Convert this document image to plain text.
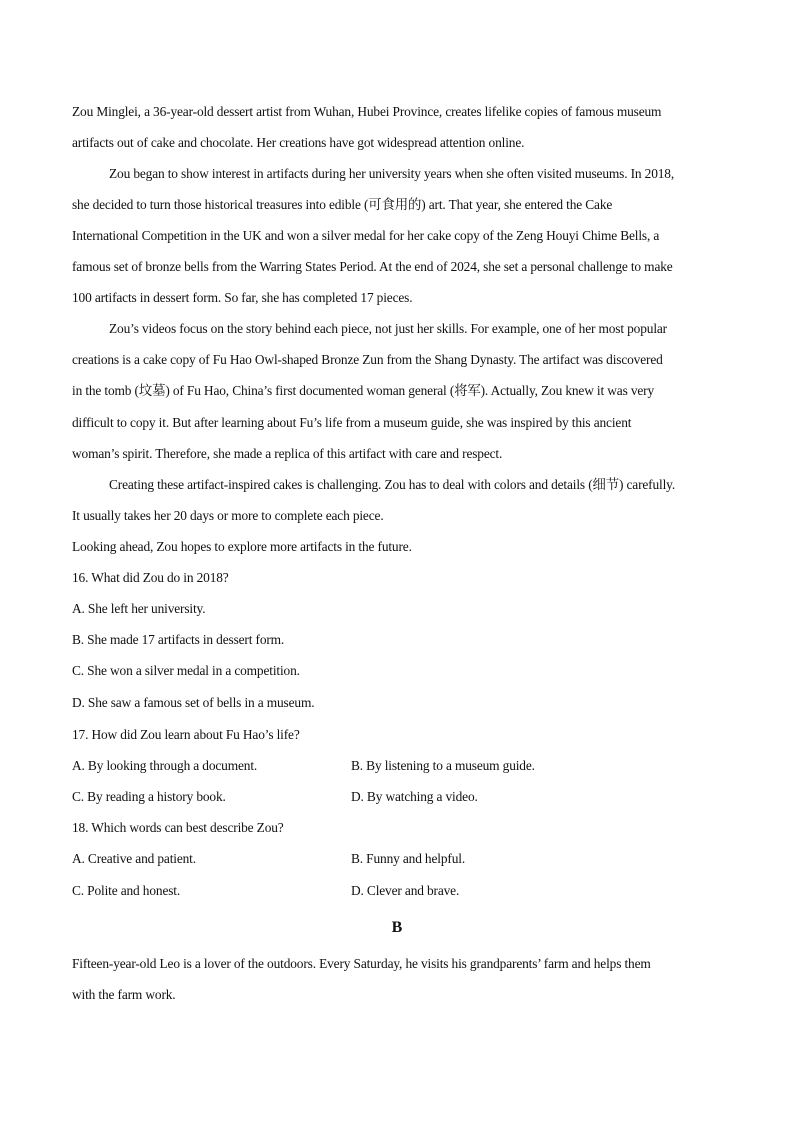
Zou Minglei, a 36-year-old dessert artist from Wuhan, Hubei Province, creates lifelike copies of famous museum
artifacts out of cake and chocolate. Her creations have got widespread attention online.
Zou began to show interest in artifacts during her university years when she often visited museums. In 2018,
she decided to turn those historical treasures into edible (可食用的) art. That year, she entered the Cake
International Competition in the UK and won a silver medal for her cake copy of the Zeng Houyi Chime Bells, a
famous set of bronze bells from the Warring States Period. At the end of 2024, she set a personal challenge to make
100 artifacts in dessert form. So far, she has completed 17 pieces.
Zou’s videos focus on the story behind each piece, not just her skills. For example, one of her most popular
creations is a cake copy of Fu Hao Owl-shaped Bronze Zun from the Shang Dynasty. The artifact was discovered
in the tomb (坟墓) of Fu Hao, China’s first documented woman general (将军). Actually, Zou knew it was very
difficult to copy it. But after learning about Fu’s life from a museum guide, she was inspired by this ancient
woman’s spirit. Therefore, she made a replica of this artifact with care and respect.
Creating these artifact-inspired cakes is challenging. Zou has to deal with colors and details (细节) carefully.
It usually takes her 20 days or more to complete each piece.
Looking ahead, Zou hopes to explore more artifacts in the future.
16. What did Zou do in 2018?
A. She left her university.
B. She made 17 artifacts in dessert form.
C. She won a silver medal in a competition.
D. She saw a famous set of bells in a museum.
17. How did Zou learn about Fu Hao’s life?
A. By looking through a document.	B. By listening to a museum guide.
C. By reading a history book.	D. By watching a video.
18. Which words can best describe Zou?
A. Creative and patient.	B. Funny and helpful.
C. Polite and honest.	D. Clever and brave.
B
Fifteen-year-old Leo is a lover of the outdoors. Every Saturday, he visits his grandparents’ farm and helps them
with the farm work.
